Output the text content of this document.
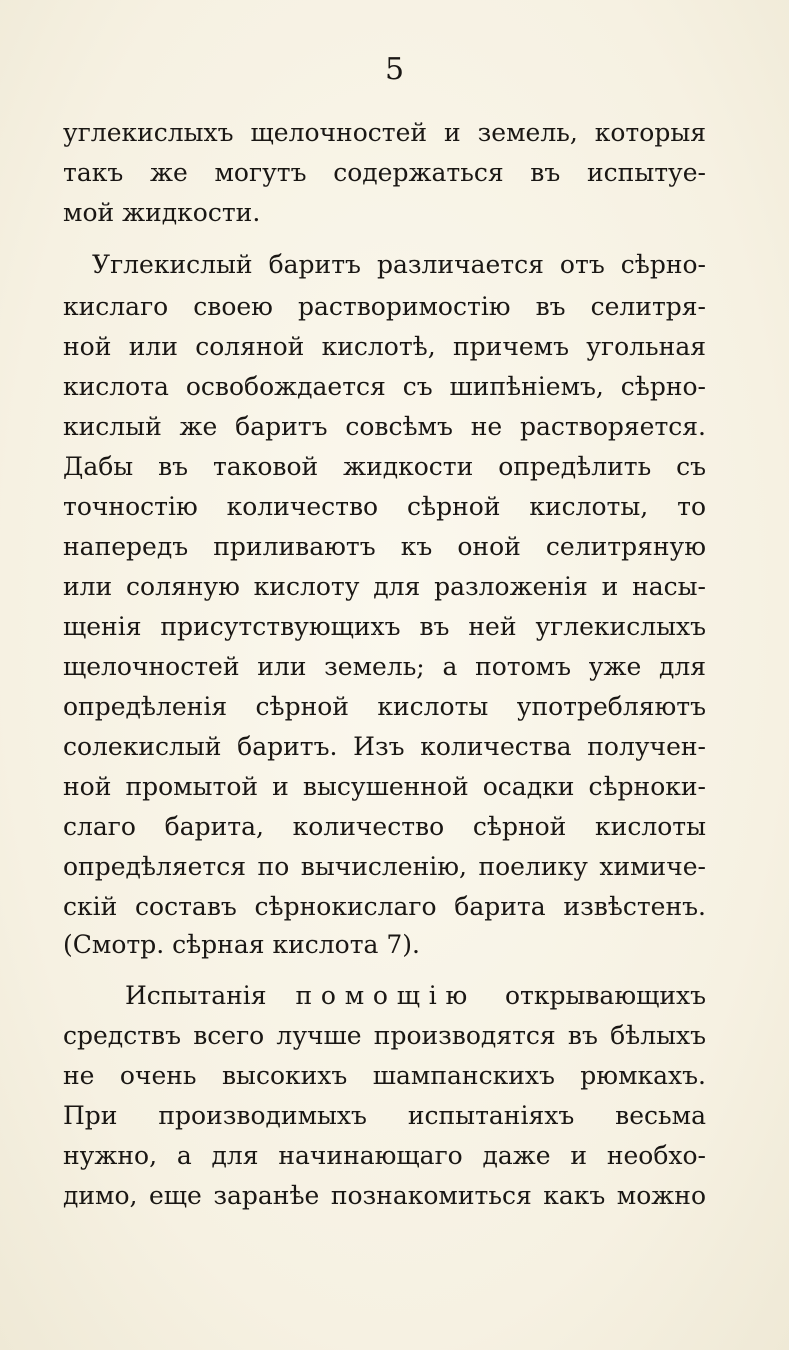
5
углекислыхъ щелочностей и земель, которыя
такъ же могутъ содержаться въ испытуе-
мой жидкости.
Углекислый баритъ различается отъ сѣрно-
кислаго своею растворимостію въ селитря-
ной или соляной кислотѣ, причемъ угольная
кислота освобождается съ шипѣніемъ, сѣрно-
кислый же баритъ совсѣмъ не растворяется.
Дабы въ таковой жидкости опредѣлить съ
точностію количество сѣрной кислоты, то
напередъ приливаютъ къ оной селитряную
или соляную кислоту для разложенія и насы-
щенія присутствующихъ въ ней углекислыхъ
щелочностей или земель; а потомъ уже для
опредѣленія сѣрной кислоты употребляютъ
солекислый баритъ. Изъ количества получен-
ной промытой и высушенной осадки сѣрноки-
слаго барита, количество сѣрной кислоты
опредѣляется по вычисленію, поелику химиче-
скій составъ сѣрнокислаго барита извѣстенъ.
(Смотр. сѣрная кислота 7).
Испытанія помощію открывающихъ
средствъ всего лучше производятся въ бѣлыхъ
не очень высокихъ шампанскихъ рюмкахъ.
При производимыхъ испытаніяхъ весьма
нужно, а для начинающаго даже и необхо-
димо, еще заранѣе познакомиться какъ можно
